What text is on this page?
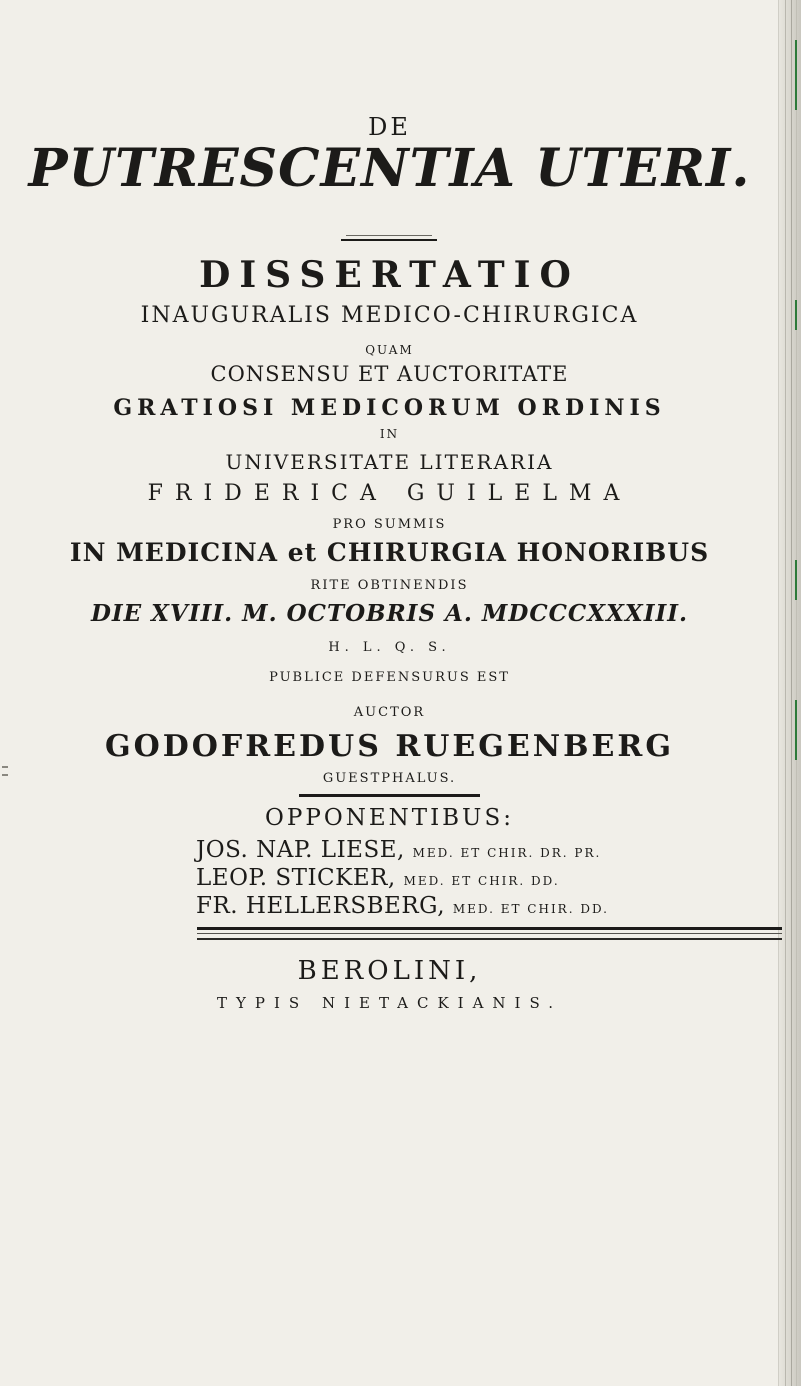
DE
PUTRESCENTIA UTERI.
DISSERTATIO
INAUGURALIS MEDICO-CHIRURGICA
QUAM
CONSENSU ET AUCTORITATE
GRATIOSI MEDICORUM ORDINIS
IN
UNIVERSITATE LITERARIA
FRIDERICA GUILELMA
PRO SUMMIS
IN MEDICINA et CHIRURGIA HONORIBUS
RITE OBTINENDIS
DIE XVIII. M. OCTOBRIS A. MDCCCXXXIII.
H. L. Q. S.
PUBLICE DEFENSURUS EST
AUCTOR
GODOFREDUS RUEGENBERG
GUESTPHALUS.
OPPONENTIBUS:
JOS. NAP. LIESE, MED. ET CHIR. DR. PR.
LEOP. STICKER, MED. ET CHIR. DD.
FR. HELLERSBERG, MED. ET CHIR. DD.
BEROLINI,
TYPIS NIETACKIANIS.
